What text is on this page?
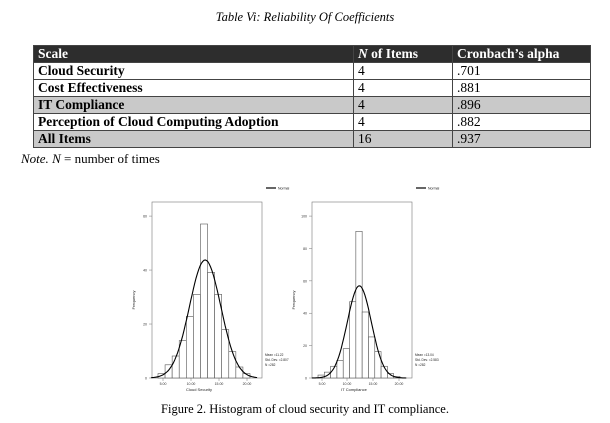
Table Vi: Reliability Of Coefficients
Scale	N of Items	Cronbach’s alpha
Cloud Security	4	.701
Cost Effectiveness	4	.881
IT Compliance	4	.896
Perception of Cloud Computing Adoption	4	.882
All Items	16	.937
Note. N = number of times
0
20
40
60
5.00	10.00	15.00	20.00
Cloud Security
Frequency
Normal
Mean =11.22
Std. Dev. =2.807
N =282
0
20
40
60
80
100
5.00	10.00	15.00	20.00
IT Compliance
Frequency
Normal
Mean =13.04
Std. Dev. =2.583
N =282
Figure 2. Histogram of cloud security and IT compliance.
